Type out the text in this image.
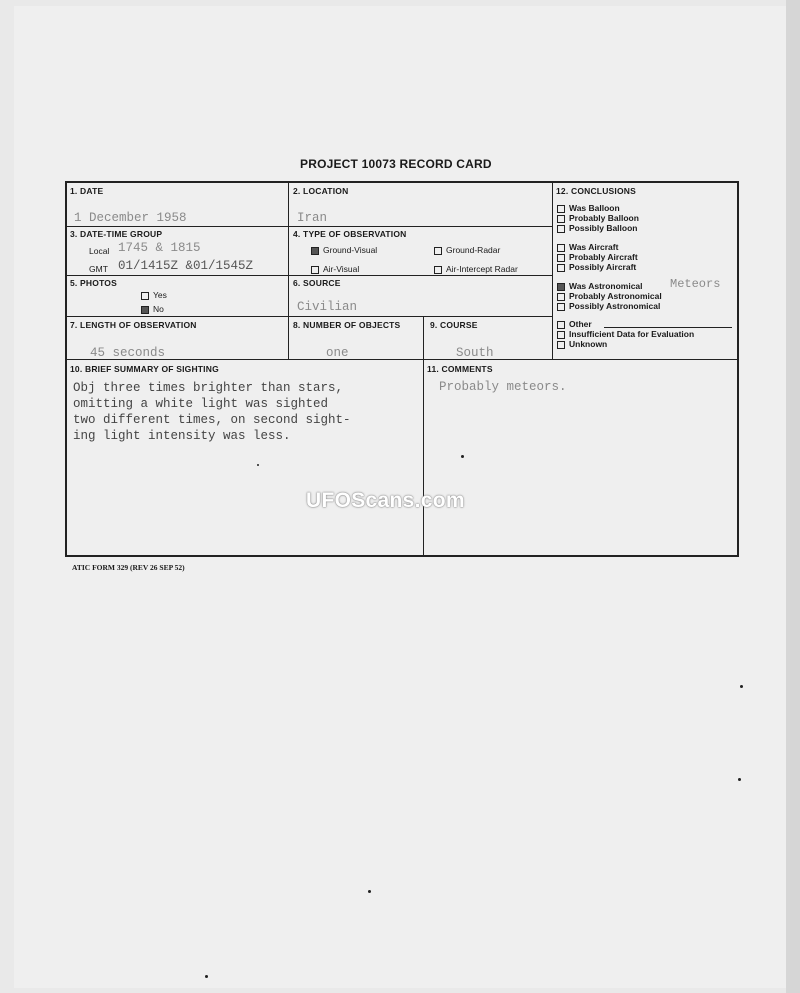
PROJECT 10073 RECORD CARD
1. DATE
1 December 1958
2. LOCATION
Iran
3. DATE-TIME GROUP
Local 1745 & 1815
GMT 01/1415Z &01/1545Z
4. TYPE OF OBSERVATION
Ground-Visual	Ground-Radar
Air-Visual	Air-Intercept Radar
5. PHOTOS
Yes
No
6. SOURCE
Civilian
7. LENGTH OF OBSERVATION
45 seconds
8. NUMBER OF OBJECTS
one
9. COURSE
South
10. BRIEF SUMMARY OF SIGHTING
Obj three times brighter than stars,
omitting a white light was sighted
two different times, on second sight-
ing light intensity was less.
11. COMMENTS
Probably meteors.
12. CONCLUSIONS
Was Balloon
Probably Balloon
Possibly Balloon
Was Aircraft
Probably Aircraft
Possibly Aircraft
Was Astronomical Meteors
Probably Astronomical
Possibly Astronomical
Other
Insufficient Data for Evaluation
Unknown
UFOScans.com
ATIC FORM 329 (REV 26 SEP 52)
